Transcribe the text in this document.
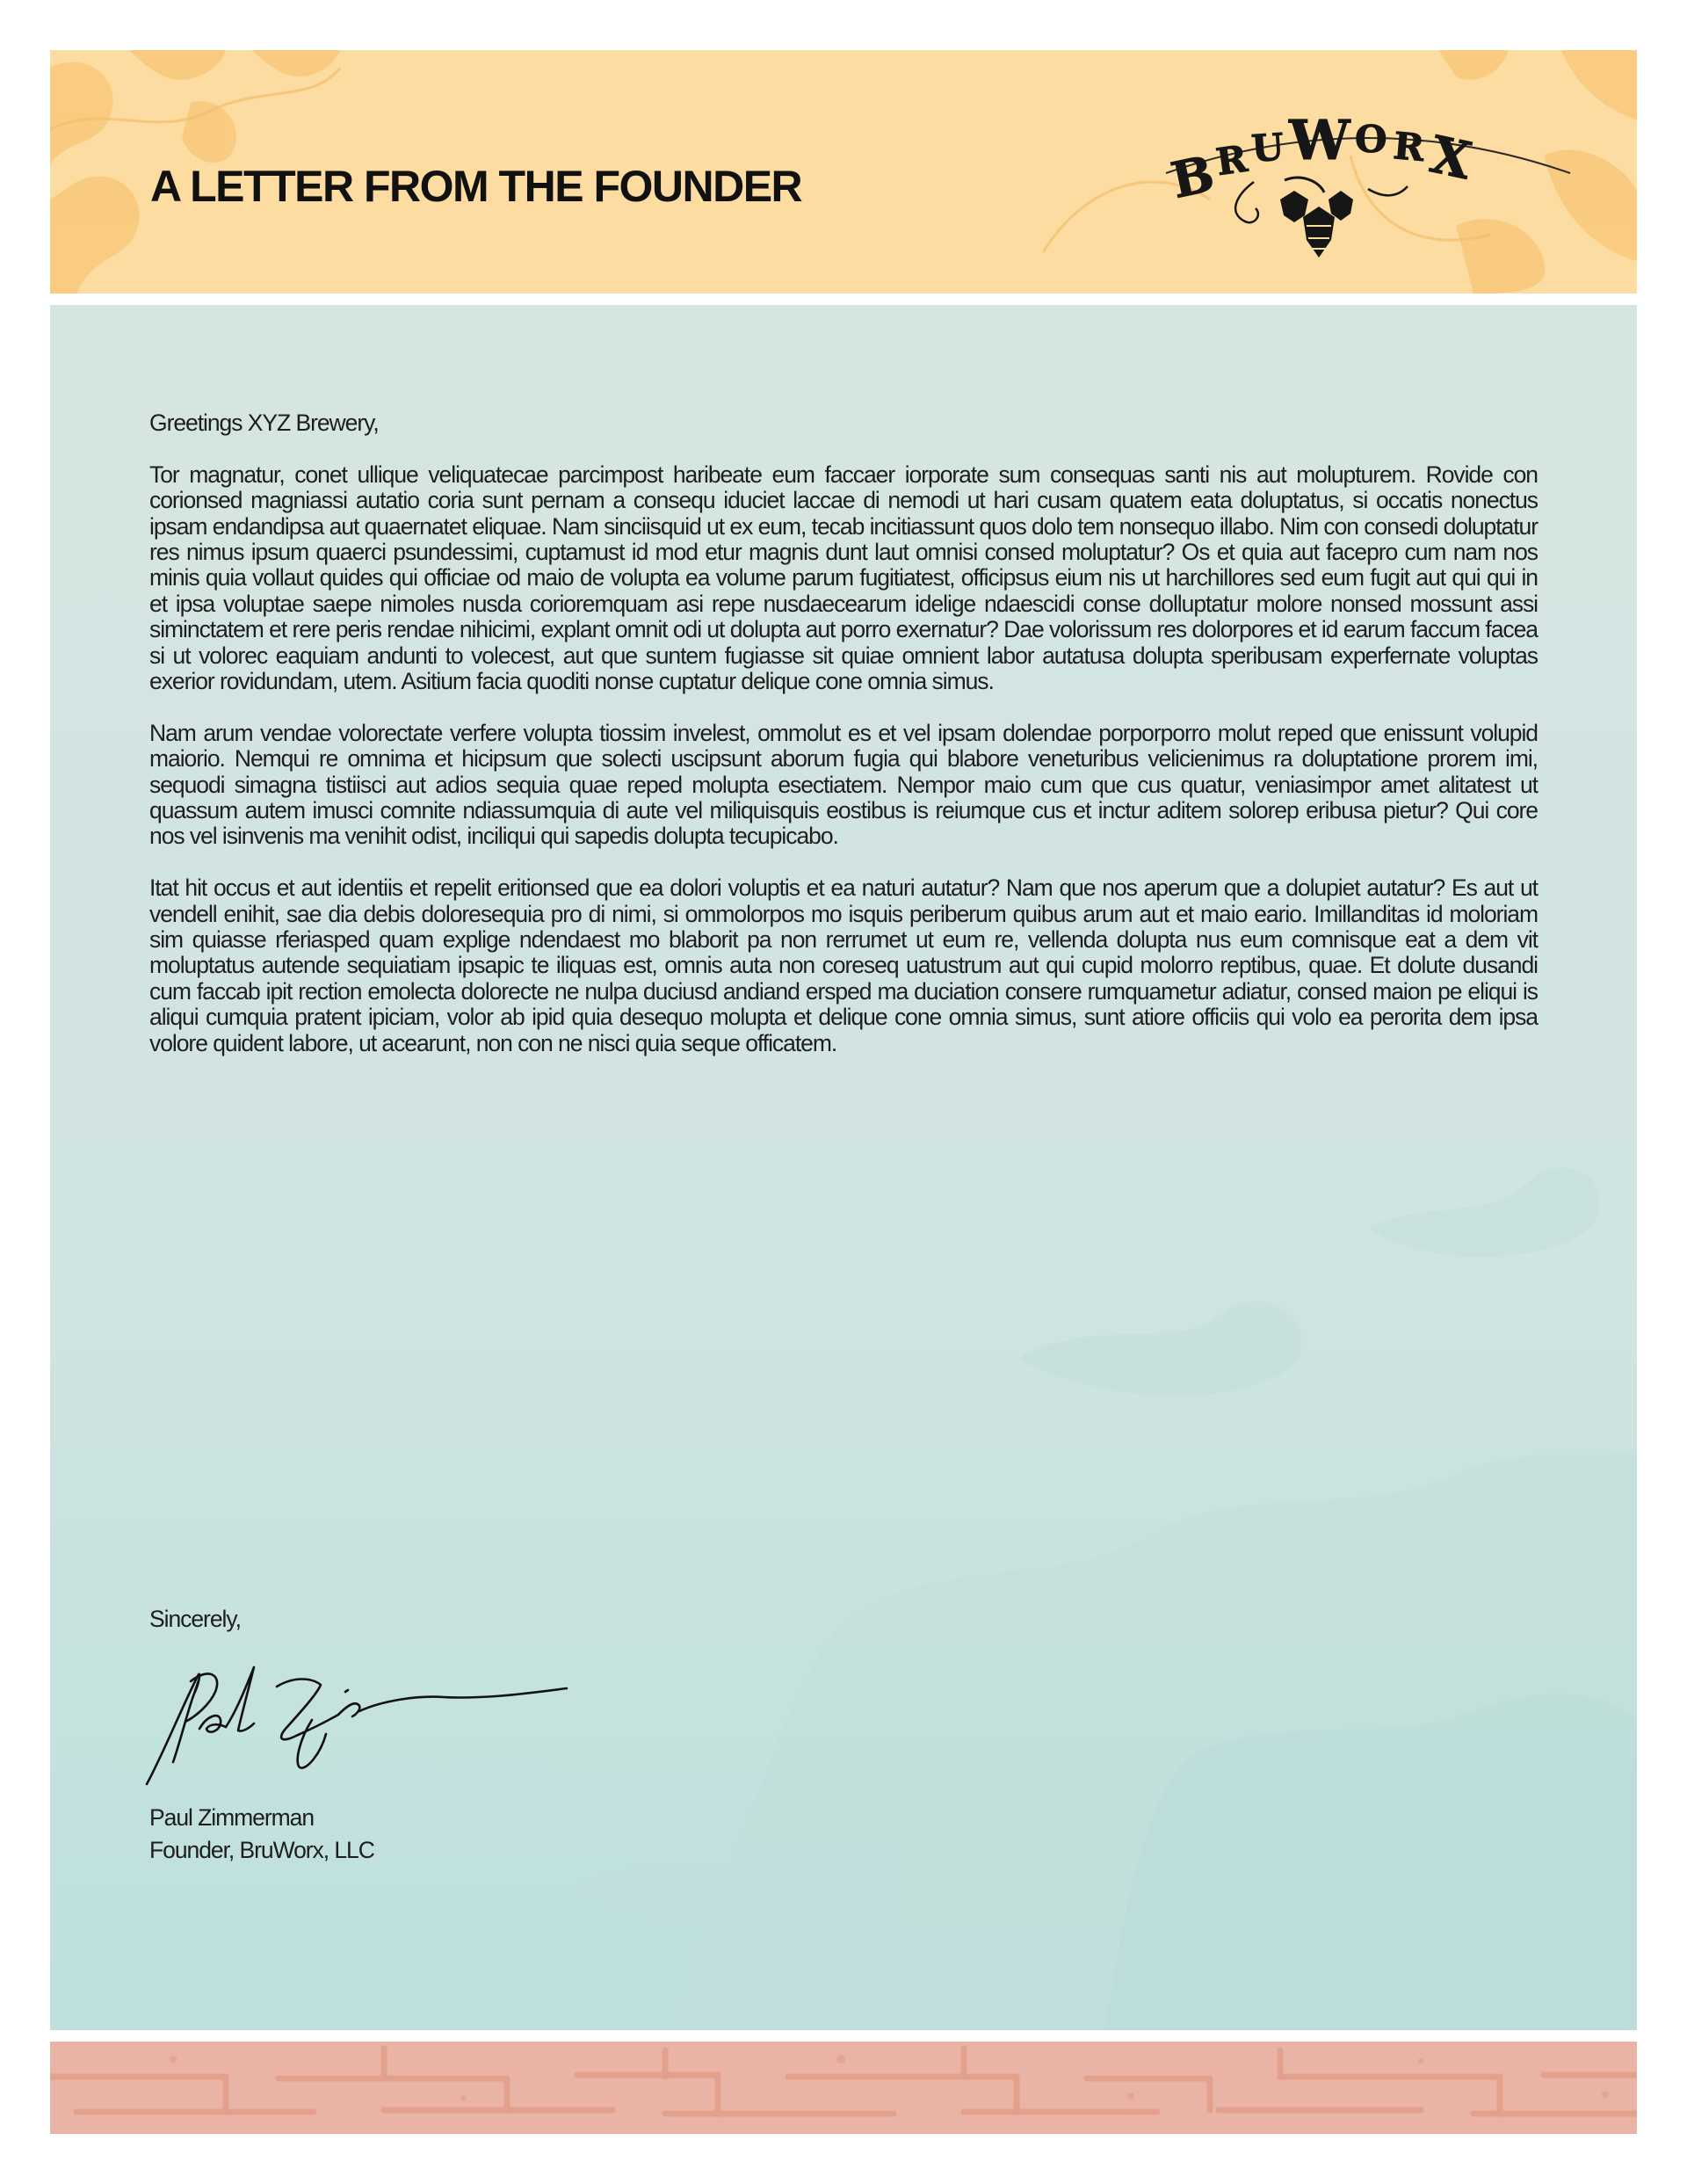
A LETTER FROM THE FOUNDER	B
R U W O R X

Greetings XYZ Brewery,

Tor magnatur, conet ullique veliquatecae parcimpost haribeate eum faccaer iorporate sum consequas santi nis aut molupturem. Rovide con corionsed magniassi autatio coria sunt pernam a consequ iduciet laccae di nemodi ut hari cusam quatem eata doluptatus, si occatis nonectus ipsam endandipsa aut quaernatet eliquae. Nam sinciisquid ut ex eum, tecab incitiassunt quos dolo tem nonsequo illabo. Nim con consedi doluptatur res nimus ipsum quaerci psundessimi, cuptamust id mod etur magnis dunt laut omnisi consed moluptatur? Os et quia aut facepro cum nam nos minis quia vollaut quides qui officiae od maio de volupta ea volume parum fugitiatest, officipsus eium nis ut harchillores sed eum fugit aut qui qui in et ipsa voluptae saepe nimoles nusda corioremquam asi repe nusdaecearum idelige ndaescidi conse dolluptatur molore nonsed mossunt assi siminctatem et rere peris rendae nihicimi, explant omnit odi ut dolupta aut porro exernatur? Dae volorissum res dolorpores et id earum faccum facea si ut volorec eaquiam andunti to volecest, aut que suntem fugiasse sit quiae omnient labor autatusa dolupta speribusam experfernate voluptas exerior rovidundam, utem. Asitium facia quoditi nonse cuptatur delique cone omnia simus.

Nam arum vendae volorectate verfere volupta tiossim invelest, ommolut es et vel ipsam dolendae porporporro molut reped que enissunt volupid maiorio. Nemqui re omnima et hicipsum que solecti uscipsunt aborum fugia qui blabore veneturibus velicienimus ra doluptatione prorem imi, sequodi simagna tistiisci aut adios sequia quae reped molupta esectiatem. Nempor maio cum que cus quatur, veniasimpor amet alitatest ut quassum autem imusci comnite ndiassumquia di aute vel miliquisquis eostibus is reiumque cus et inctur aditem solorep eribusa pietur? Qui core nos vel isinvenis ma venihit odist, inciliqui qui sapedis dolupta tecupicabo.

Itat hit occus et aut identiis et repelit eritionsed que ea dolori voluptis et ea naturi autatur? Nam que nos aperum que a dolupiet autatur? Es aut ut vendell enihit, sae dia debis doloresequia pro di nimi, si ommolorpos mo isquis periberum quibus arum aut et maio eario. Imillanditas id moloriam sim quiasse rferiasped quam explige ndendaest mo blaborit pa non rerrumet ut eum re, vellenda dolupta nus eum comnisque eat a dem vit moluptatus autende sequiatiam ipsapic te iliquas est, omnis auta non coreseq uatustrum aut qui cupid molorro reptibus, quae. Et dolute dusandi cum faccab ipit rection emolecta dolorecte ne nulpa duciusd andiand ersped ma duciation consere rumquametur adiatur, consed maion pe eliqui is aliqui cumquia pratent ipiciam, volor ab ipid quia desequo molupta et delique cone omnia simus, sunt atiore officiis qui volo ea perorita dem ipsa volore quident labore, ut acearunt, non con ne nisci quia seque officatem.

Sincerely,

Paul Zimmerman
Founder, BruWorx, LLC
